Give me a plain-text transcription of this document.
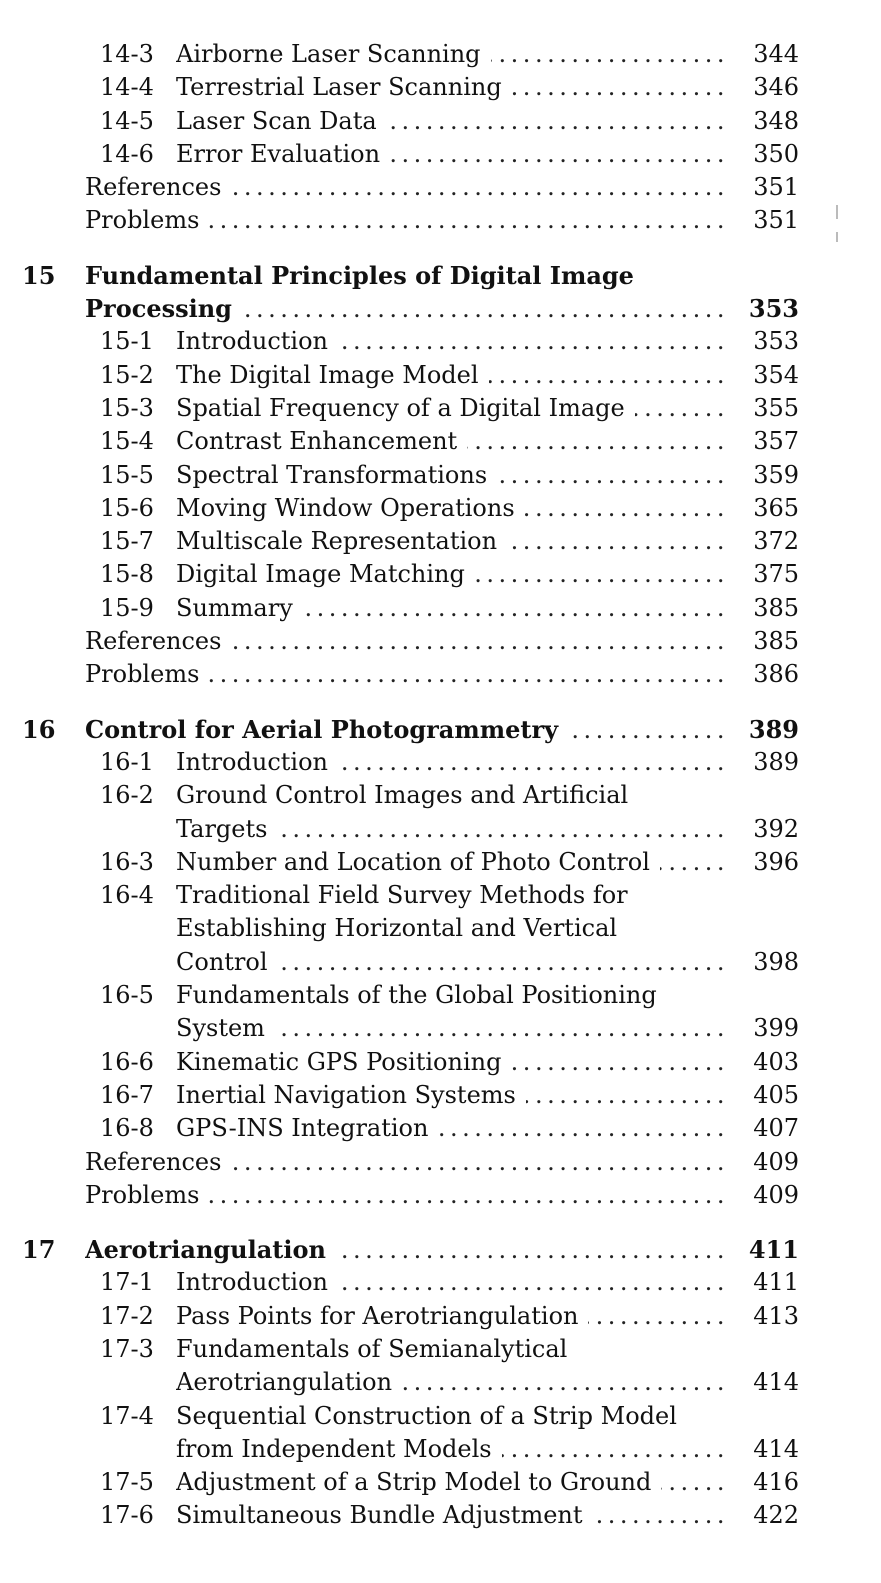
14-3 Airborne Laser Scanning .....	344
14-4 Terrestrial Laser Scanning .....	346
14-5 Laser Scan Data .....	348
14-6 Error Evaluation .....	350
References .....	351
Problems .....	351
15 Fundamental Principles of Digital Image
Processing .....	353
15-1 Introduction .....	353
15-2 The Digital Image Model .....	354
15-3 Spatial Frequency of a Digital Image .....	355
15-4 Contrast Enhancement .....	357
15-5 Spectral Transformations .....	359
15-6 Moving Window Operations .....	365
15-7 Multiscale Representation .....	372
15-8 Digital Image Matching .....	375
15-9 Summary .....	385
References .....	385
Problems .....	386
16 Control for Aerial Photogrammetry .....	389
16-1 Introduction .....	389
16-2 Ground Control Images and Artificial
Targets .....	392
16-3 Number and Location of Photo Control .....	396
16-4 Traditional Field Survey Methods for
Establishing Horizontal and Vertical
Control .....	398
16-5 Fundamentals of the Global Positioning
System .....	399
16-6 Kinematic GPS Positioning .....	403
16-7 Inertial Navigation Systems .....	405
16-8 GPS-INS Integration .....	407
References .....	409
Problems .....	409
17 Aerotriangulation .....	411
17-1 Introduction .....	411
17-2 Pass Points for Aerotriangulation .....	413
17-3 Fundamentals of Semianalytical
Aerotriangulation .....	414
17-4 Sequential Construction of a Strip Model
from Independent Models .....	414
17-5 Adjustment of a Strip Model to Ground .....	416
17-6 Simultaneous Bundle Adjustment .....	422
